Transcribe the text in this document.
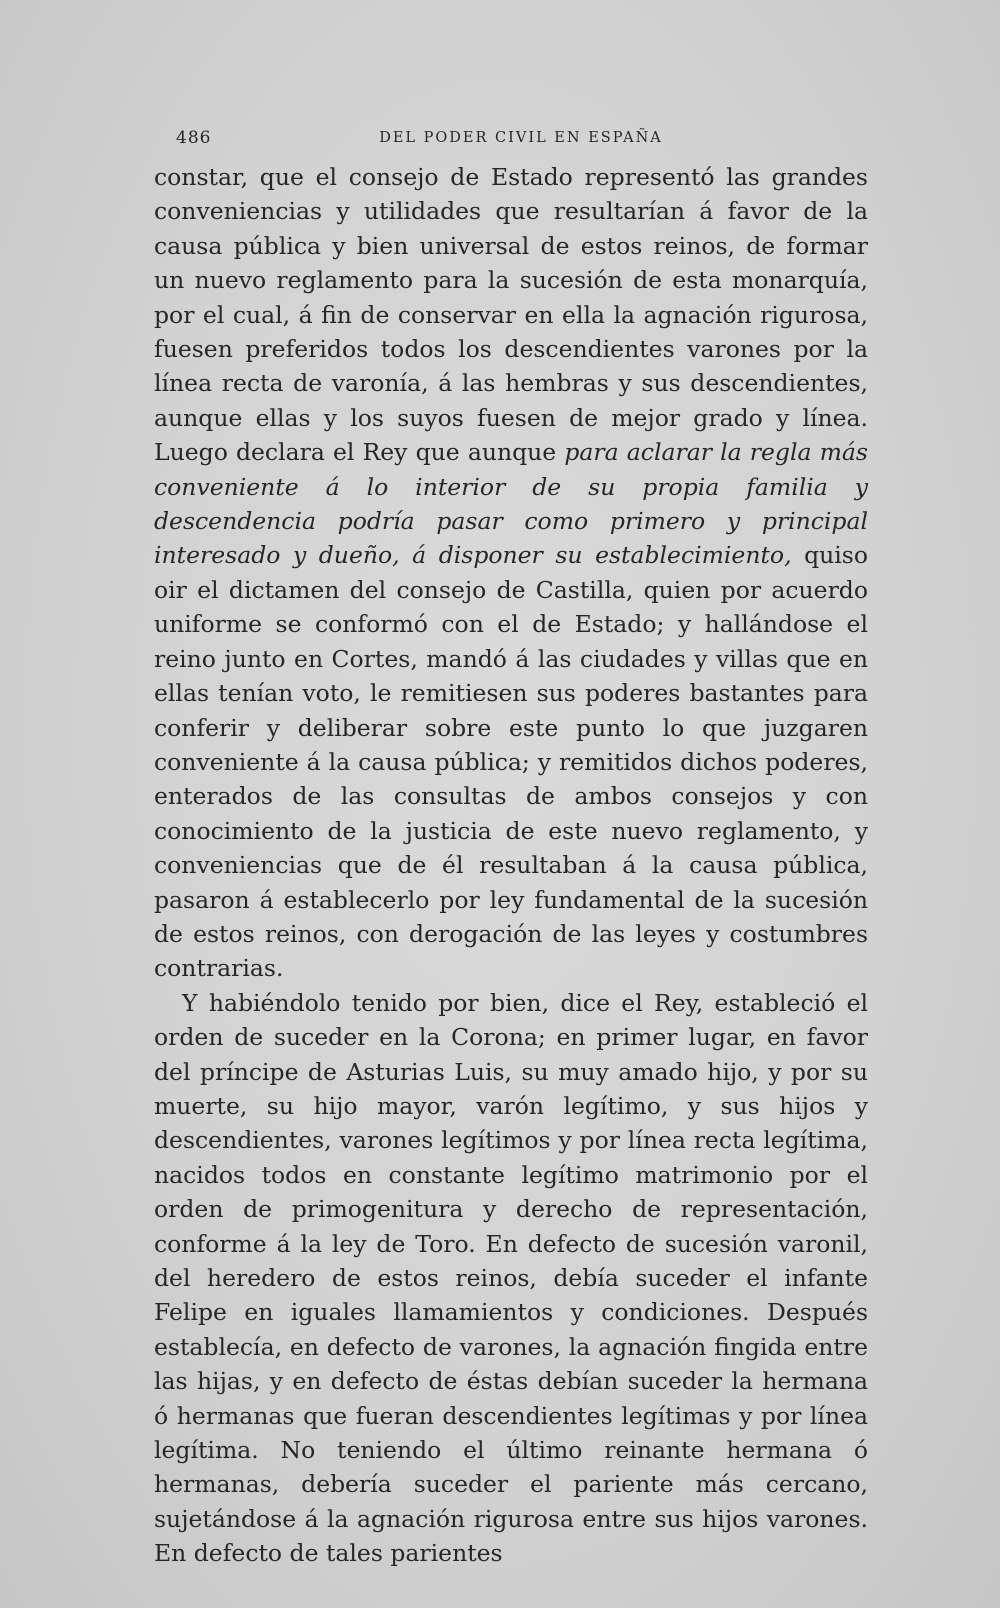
486	DEL PODER CIVIL EN ESPAÑA

constar, que el consejo de Estado representó las grandes conveniencias y utilidades que resultarían á favor de la causa pública y bien universal de estos reinos, de formar un nuevo reglamento para la sucesión de esta monarquía, por el cual, á fin de conservar en ella la agnación rigurosa, fuesen preferidos todos los descendientes varones por la línea recta de varonía, á las hembras y sus descendientes, aunque ellas y los suyos fuesen de mejor grado y línea. Luego declara el Rey que aunque para aclarar la regla más conveniente á lo interior de su propia familia y descendencia podría pasar como primero y principal interesado y dueño, á disponer su establecimiento, quiso oir el dictamen del consejo de Castilla, quien por acuerdo uniforme se conformó con el de Estado; y hallándose el reino junto en Cortes, mandó á las ciudades y villas que en ellas tenían voto, le remitiesen sus poderes bastantes para conferir y deliberar sobre este punto lo que juzgaren conveniente á la causa pública; y remitidos dichos poderes, enterados de las consultas de ambos consejos y con conocimiento de la justicia de este nuevo reglamento, y conveniencias que de él resultaban á la causa pública, pasaron á establecerlo por ley fundamental de la sucesión de estos reinos, con derogación de las leyes y costumbres contrarias.

Y habiéndolo tenido por bien, dice el Rey, estableció el orden de suceder en la Corona; en primer lugar, en favor del príncipe de Asturias Luis, su muy amado hijo, y por su muerte, su hijo mayor, varón legítimo, y sus hijos y descendientes, varones legítimos y por línea recta legítima, nacidos todos en constante legítimo matrimonio por el orden de primogenitura y derecho de representación, conforme á la ley de Toro. En defecto de sucesión varonil, del heredero de estos reinos, debía suceder el infante Felipe en iguales llamamientos y condiciones. Después establecía, en defecto de varones, la agnación fingida entre las hijas, y en defecto de éstas debían suceder la hermana ó hermanas que fueran descendientes legítimas y por línea legítima. No teniendo el último reinante hermana ó hermanas, debería suceder el pariente más cercano, sujetándose á la agnación rigurosa entre sus hijos varones. En defecto de tales parientes
